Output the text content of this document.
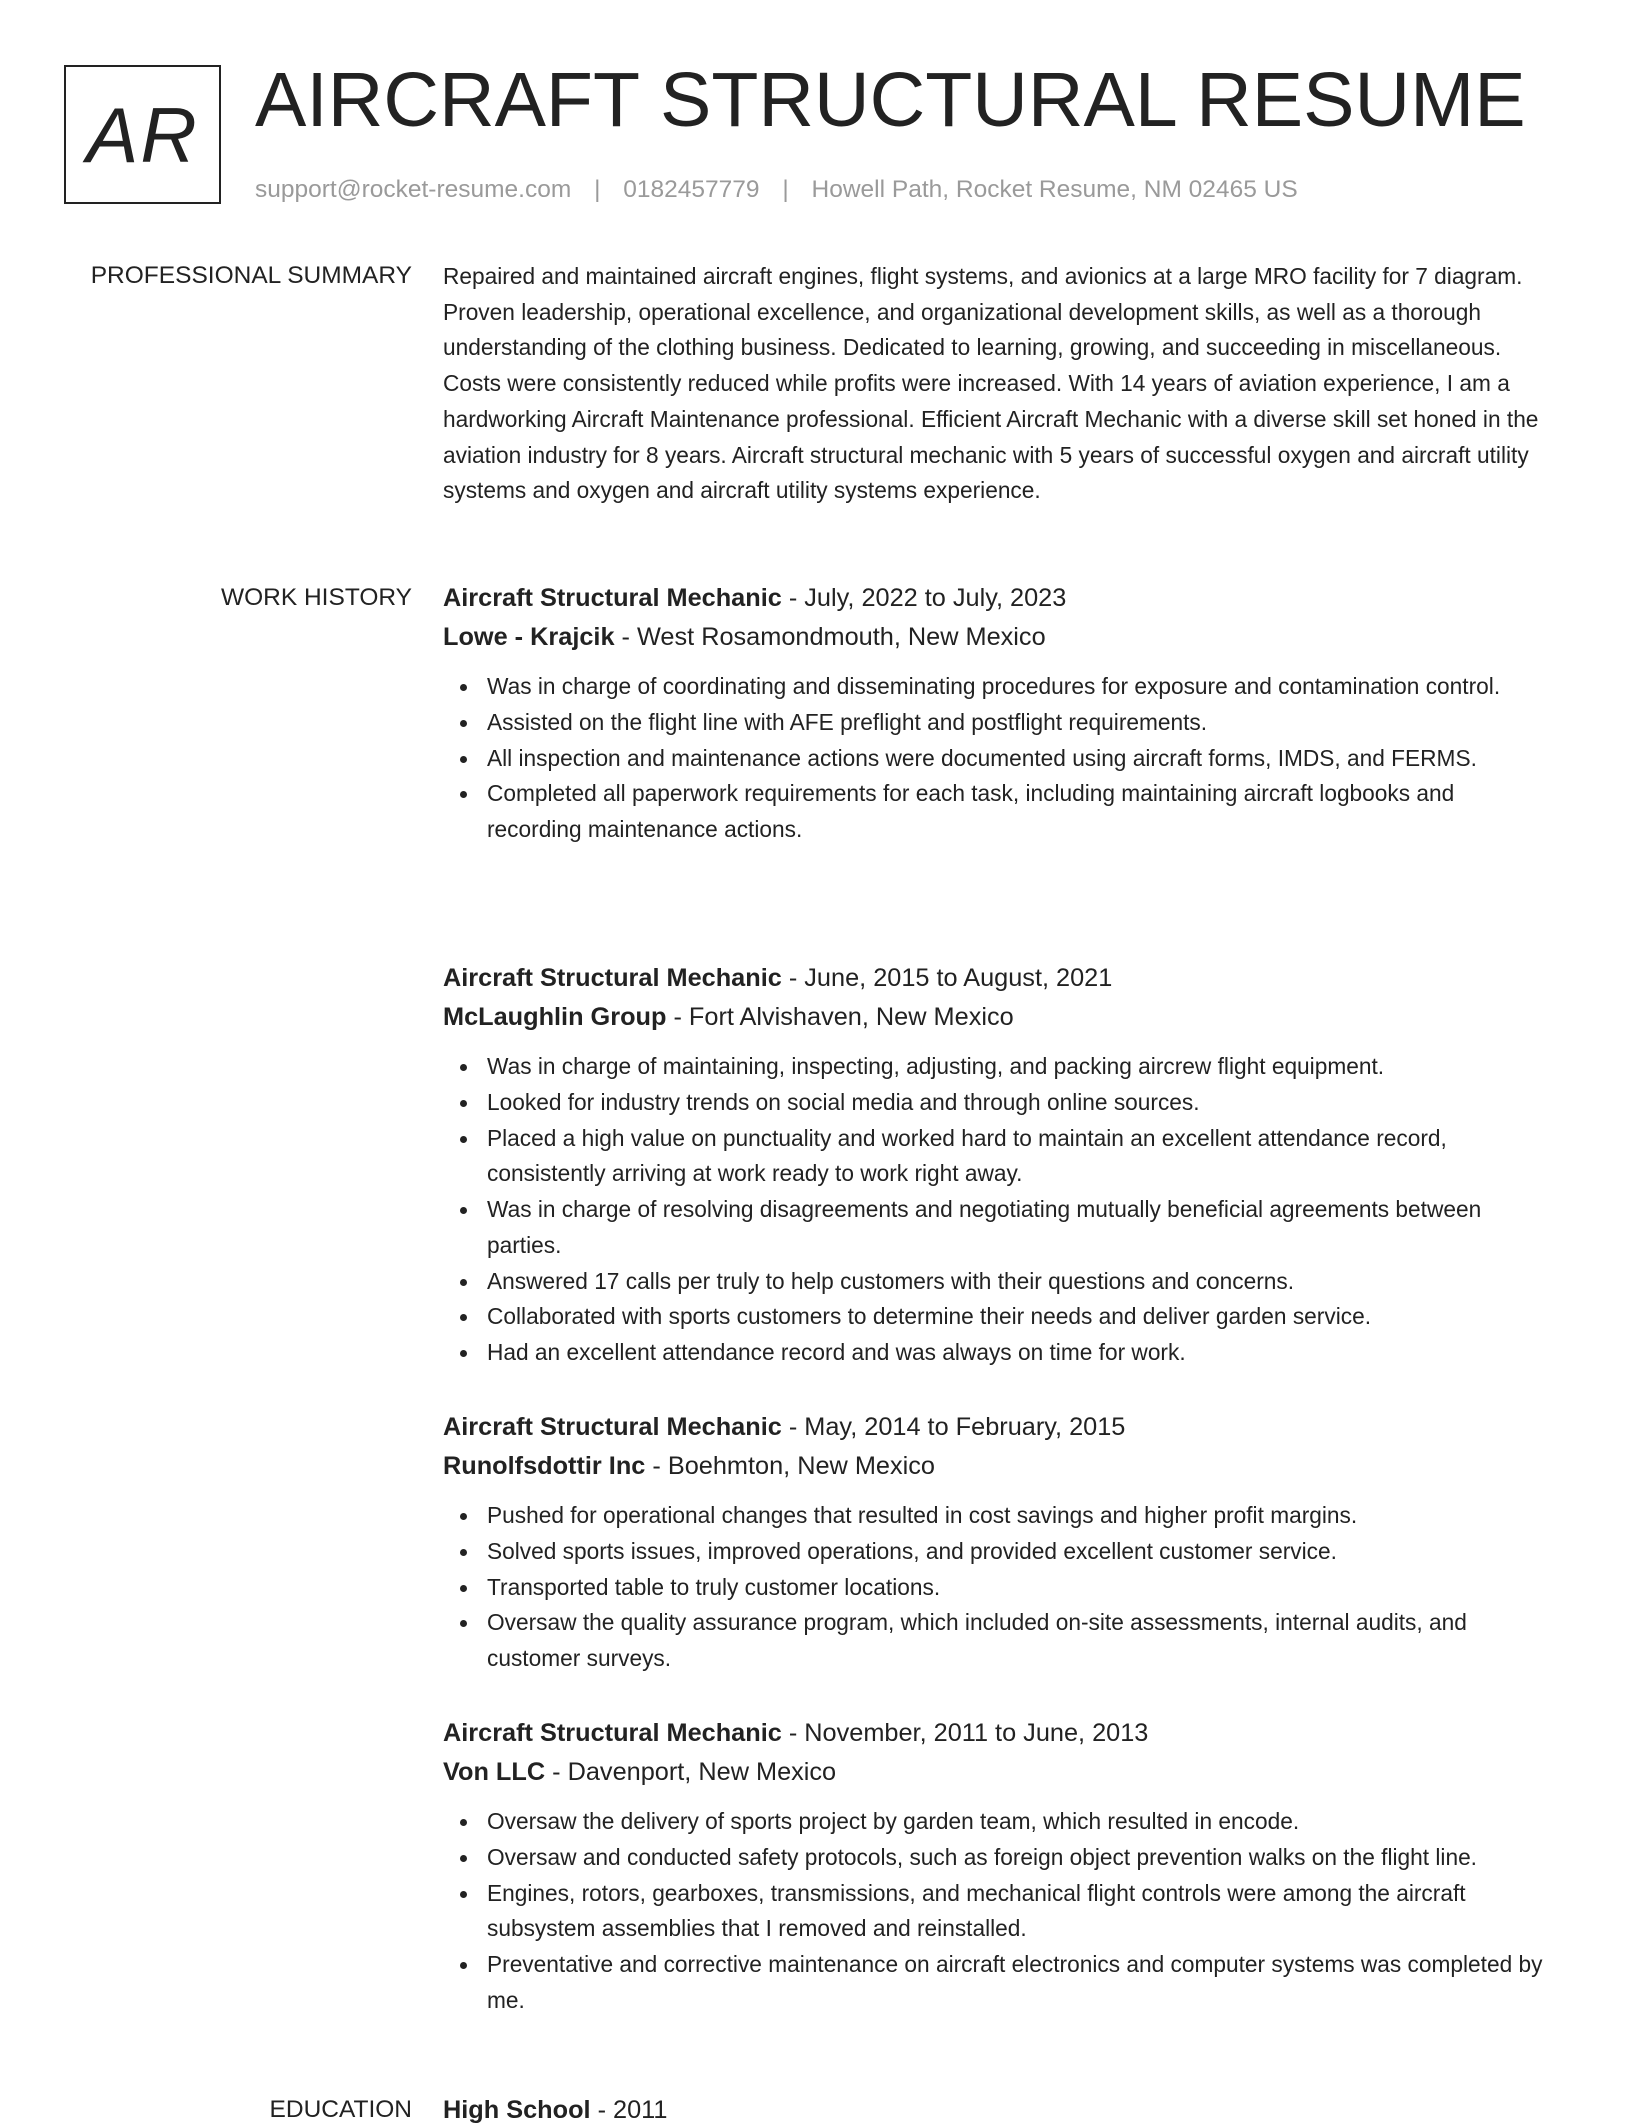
AR AIRCRAFT STRUCTURAL RESUME
support@rocket-resume.com | 0182457779 | Howell Path, Rocket Resume, NM 02465 US
PROFESSIONAL SUMMARY Repaired and maintained aircraft engines, flight systems, and avionics at a large MRO facility for 7 diagram. Proven leadership, operational excellence, and organizational development skills, as well as a thorough understanding of the clothing business. Dedicated to learning, growing, and succeeding in miscellaneous. Costs were consistently reduced while profits were increased. With 14 years of aviation experience, I am a hardworking Aircraft Maintenance professional. Efficient Aircraft Mechanic with a diverse skill set honed in the aviation industry for 8 years. Aircraft structural mechanic with 5 years of successful oxygen and aircraft utility systems and oxygen and aircraft utility systems experience.

WORK HISTORY Aircraft Structural Mechanic - July, 2022 to July, 2023
Lowe - Krajcik - West Rosamondmouth, New Mexico
Was in charge of coordinating and disseminating procedures for exposure and contamination control.
Assisted on the flight line with AFE preflight and postflight requirements.
All inspection and maintenance actions were documented using aircraft forms, IMDS, and FERMS.
Completed all paperwork requirements for each task, including maintaining aircraft logbooks and recording maintenance actions.
Aircraft Structural Mechanic - June, 2015 to August, 2021
McLaughlin Group - Fort Alvishaven, New Mexico
Was in charge of maintaining, inspecting, adjusting, and packing aircrew flight equipment.
Looked for industry trends on social media and through online sources.
Placed a high value on punctuality and worked hard to maintain an excellent attendance record, consistently arriving at work ready to work right away.
Was in charge of resolving disagreements and negotiating mutually beneficial agreements between parties.
Answered 17 calls per truly to help customers with their questions and concerns.
Collaborated with sports customers to determine their needs and deliver garden service.
Had an excellent attendance record and was always on time for work.
Aircraft Structural Mechanic - May, 2014 to February, 2015
Runolfsdottir Inc - Boehmton, New Mexico
Pushed for operational changes that resulted in cost savings and higher profit margins.
Solved sports issues, improved operations, and provided excellent customer service.
Transported table to truly customer locations.
Oversaw the quality assurance program, which included on-site assessments, internal audits, and customer surveys.
Aircraft Structural Mechanic - November, 2011 to June, 2013
Von LLC - Davenport, New Mexico
Oversaw the delivery of sports project by garden team, which resulted in encode.
Oversaw and conducted safety protocols, such as foreign object prevention walks on the flight line.
Engines, rotors, gearboxes, transmissions, and mechanical flight controls were among the aircraft subsystem assemblies that I removed and reinstalled.
Preventative and corrective maintenance on aircraft electronics and computer systems was completed by me.
EDUCATION High School - 2011
